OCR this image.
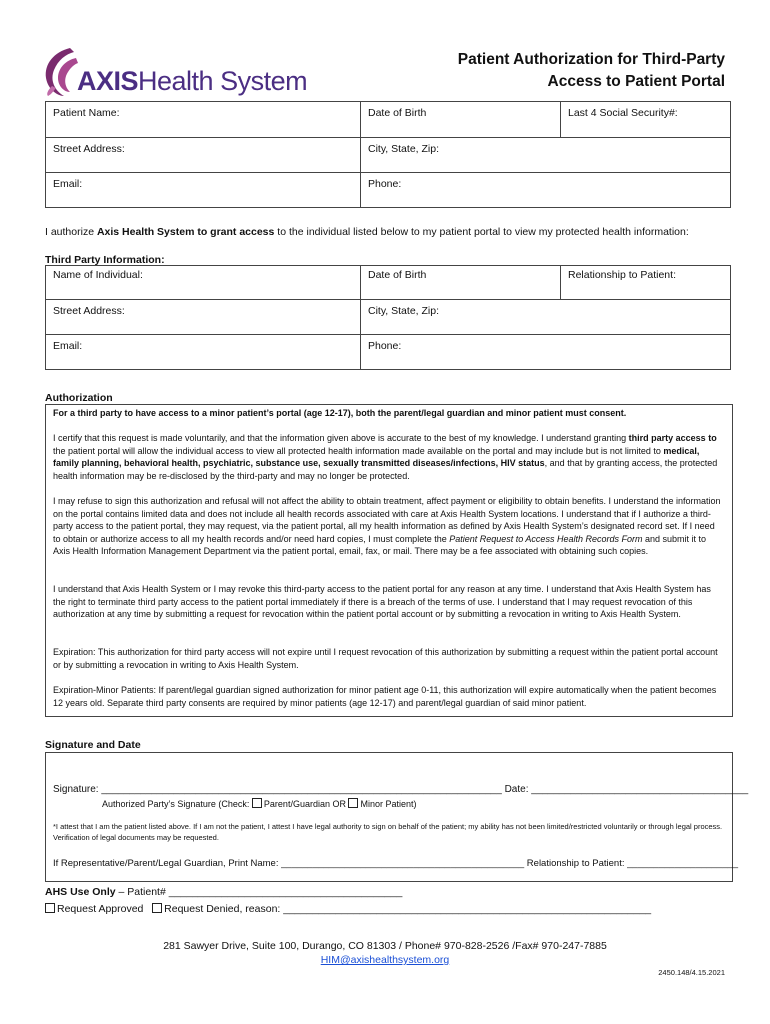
AXISHealth System
Patient Authorization for Third-Party
Access to Patient Portal
Patient Name:	Date of Birth	Last 4 Social Security#:
Street Address:	City, State, Zip:	
Email:	Phone:	
I authorize Axis Health System to grant access to the individual listed below to my patient portal to view my protected health information:
Third Party Information:
Name of Individual:	Date of Birth	Relationship to Patient:
Street Address:	City, State, Zip:	
Email:	Phone:	
Authorization
For a third party to have access to a minor patient’s portal (age 12-17), both the parent/legal guardian and minor patient must consent.
I certify that this request is made voluntarily, and that the information given above is accurate to the best of my knowledge. I understand granting third party access to the patient portal will allow the individual access to view all protected health information made available on the portal and may include but is not limited to medical, family planning, behavioral health, psychiatric, substance use, sexually transmitted diseases/infections, HIV status, and that by granting access, the protected health information may be re-disclosed by the third-party and may no longer be protected.
I may refuse to sign this authorization and refusal will not affect the ability to obtain treatment, affect payment or eligibility to obtain benefits. I understand the information on the portal contains limited data and does not include all health records associated with care at Axis Health System locations. I understand that if I authorize a third-party access to the patient portal, they may request, via the patient portal, all my health information as defined by Axis Health System’s designated record set. If I need to obtain or authorize access to all my health records and/or need hard copies, I must complete the Patient Request to Access Health Records Form and submit it to Axis Health Information Management Department via the patient portal, email, fax, or mail. There may be a fee associated with obtaining such copies.
I understand that Axis Health System or I may revoke this third-party access to the patient portal for any reason at any time. I understand that Axis Health System has the right to terminate third party access to the patient portal immediately if there is a breach of the terms of use. I understand that I may request revocation of this authorization at any time by submitting a request for revocation within the patient portal account or by submitting a revocation in writing to Axis Health System.
Expiration: This authorization for third party access will not expire until I request revocation of this authorization by submitting a request within the patient portal account or by submitting a revocation in writing to Axis Health System.
Expiration-Minor Patients: If parent/legal guardian signed authorization for minor patient age 0-11, this authorization will expire automatically when the patient becomes 12 years old. Separate third party consents are required by minor patients (age 12-17) and parent/legal guardian of said minor patient.
Signature and Date
Signature: ________________________________________________________________________ Date: _______________________________________
Authorized Party’s Signature (Check: Parent/Guardian OR Minor Patient)
*I attest that I am the patient listed above. If I am not the patient, I attest I have legal authority to sign on behalf of the patient; my ability has not been limited/restricted voluntarily or through legal process. Verification of legal documents may be requested.
If Representative/Parent/Legal Guardian, Print Name: ______________________________________________ Relationship to Patient: _____________________
AHS Use Only – Patient# ________________________________________
Request Approved Request Denied, reason: _______________________________________________________________
281 Sawyer Drive, Suite 100, Durango, CO 81303 / Phone# 970-828-2526 /Fax# 970-247-7885
HIM@axishealthsystem.org
2450.148/4.15.2021
